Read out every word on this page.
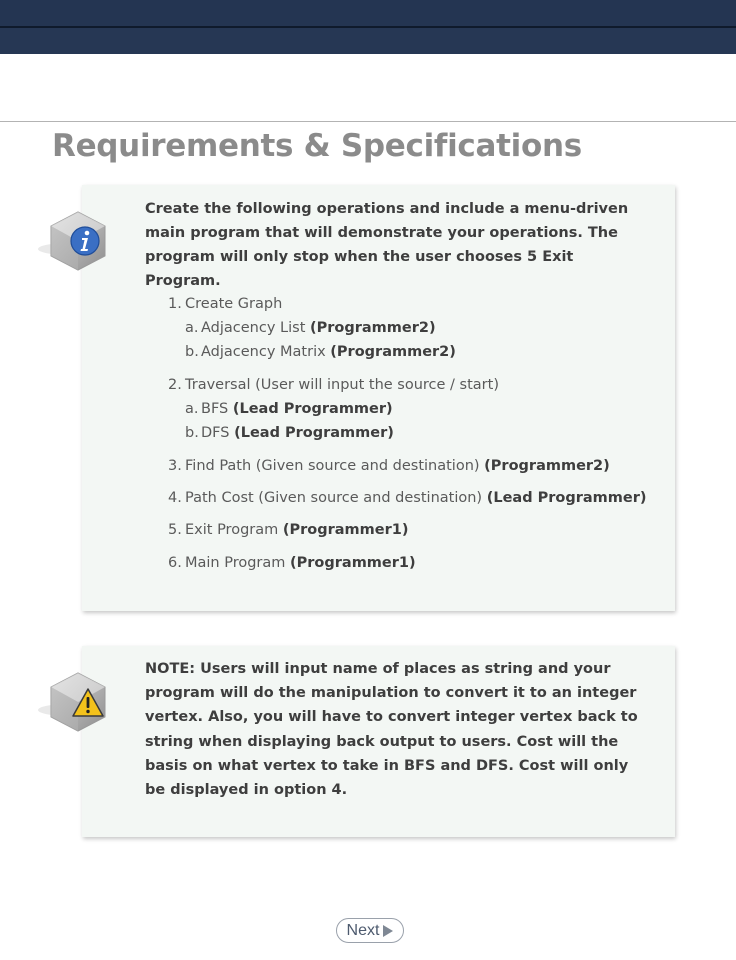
Requirements & Specifications

Create the following operations and include a menu-driven main program that will demonstrate your operations. The program will only stop when the user chooses 5 Exit Program.

1. Create Graph
a. Adjacency List (Programmer2)
b. Adjacency Matrix (Programmer2)
2. Traversal (User will input the source / start)
a. BFS (Lead Programmer)
b. DFS (Lead Programmer)
3. Find Path (Given source and destination) (Programmer2)
4. Path Cost (Given source and destination) (Lead Programmer)
5. Exit Program (Programmer1)
6. Main Program (Programmer1)

NOTE: Users will input name of places as string and your program will do the manipulation to convert it to an integer vertex. Also, you will have to convert integer vertex back to string when displaying back output to users. Cost will the basis on what vertex to take in BFS and DFS. Cost will only be displayed in option 4.

Next
